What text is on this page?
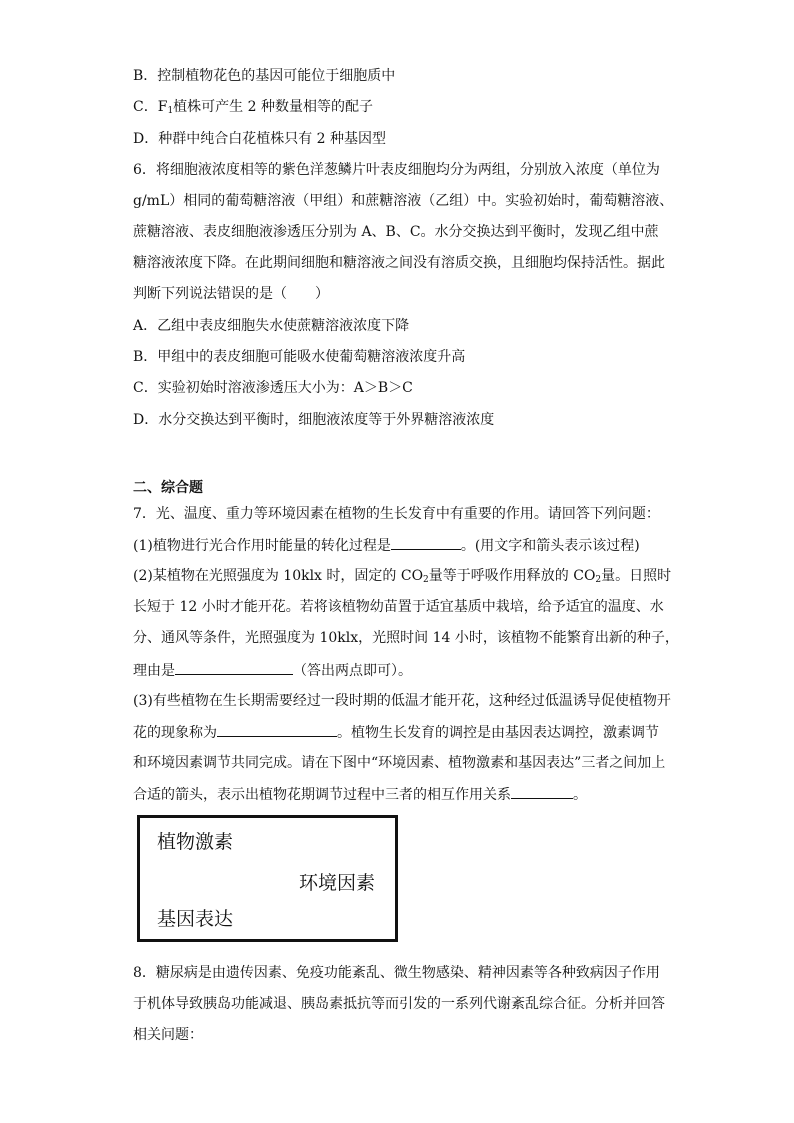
B．控制植物花色的基因可能位于细胞质中
C．$F_1$植株可产生 2 种数量相等的配子
D．种群中纯合白花植株只有 2 种基因型
6．将细胞液浓度相等的紫色洋葱鳞片叶表皮细胞均分为两组，分别放入浓度（单位为
g/mL）相同的葡萄糖溶液（甲组）和蔗糖溶液（乙组）中。实验初始时，葡萄糖溶液、
蔗糖溶液、表皮细胞液渗透压分别为 A、B、C。水分交换达到平衡时，发现乙组中蔗
糖溶液浓度下降。在此期间细胞和糖溶液之间没有溶质交换，且细胞均保持活性。据此
判断下列说法错误的是（　　）
A．乙组中表皮细胞失水使蔗糖溶液浓度下降
B．甲组中的表皮细胞可能吸水使葡萄糖溶液浓度升高
C．实验初始时溶液渗透压大小为：A＞B＞C
D．水分交换达到平衡时，细胞液浓度等于外界糖溶液浓度
二、综合题
7．光、温度、重力等环境因素在植物的生长发育中有重要的作用。请回答下列问题：
(1)植物进行光合作用时能量的转化过程是	。(用文字和箭头表示该过程)
(2)某植物在光照强度为 10klx 时，固定的 $CO_2$量等于呼吸作用释放的 $CO_2$量。日照时
长短于 12 小时才能开花。若将该植物幼苗置于适宜基质中栽培，给予适宜的温度、水
分、通风等条件，光照强度为 10klx，光照时间 14 小时，该植物不能繁育出新的种子，
理由是	（答出两点即可）。
(3)有些植物在生长期需要经过一段时期的低温才能开花，这种经过低温诱导促使植物开
花的现象称为	。植物生长发育的调控是由基因表达调控，激素调节
和环境因素调节共同完成。请在下图中“环境因素、植物激素和基因表达”三者之间加上
合适的箭头，表示出植物花期调节过程中三者的相互作用关系	。
植物激素
环境因素
基因表达
8．糖尿病是由遗传因素、免疫功能紊乱、微生物感染、精神因素等各种致病因子作用
于机体导致胰岛功能减退、胰岛素抵抗等而引发的一系列代谢紊乱综合征。分析并回答
相关问题：
